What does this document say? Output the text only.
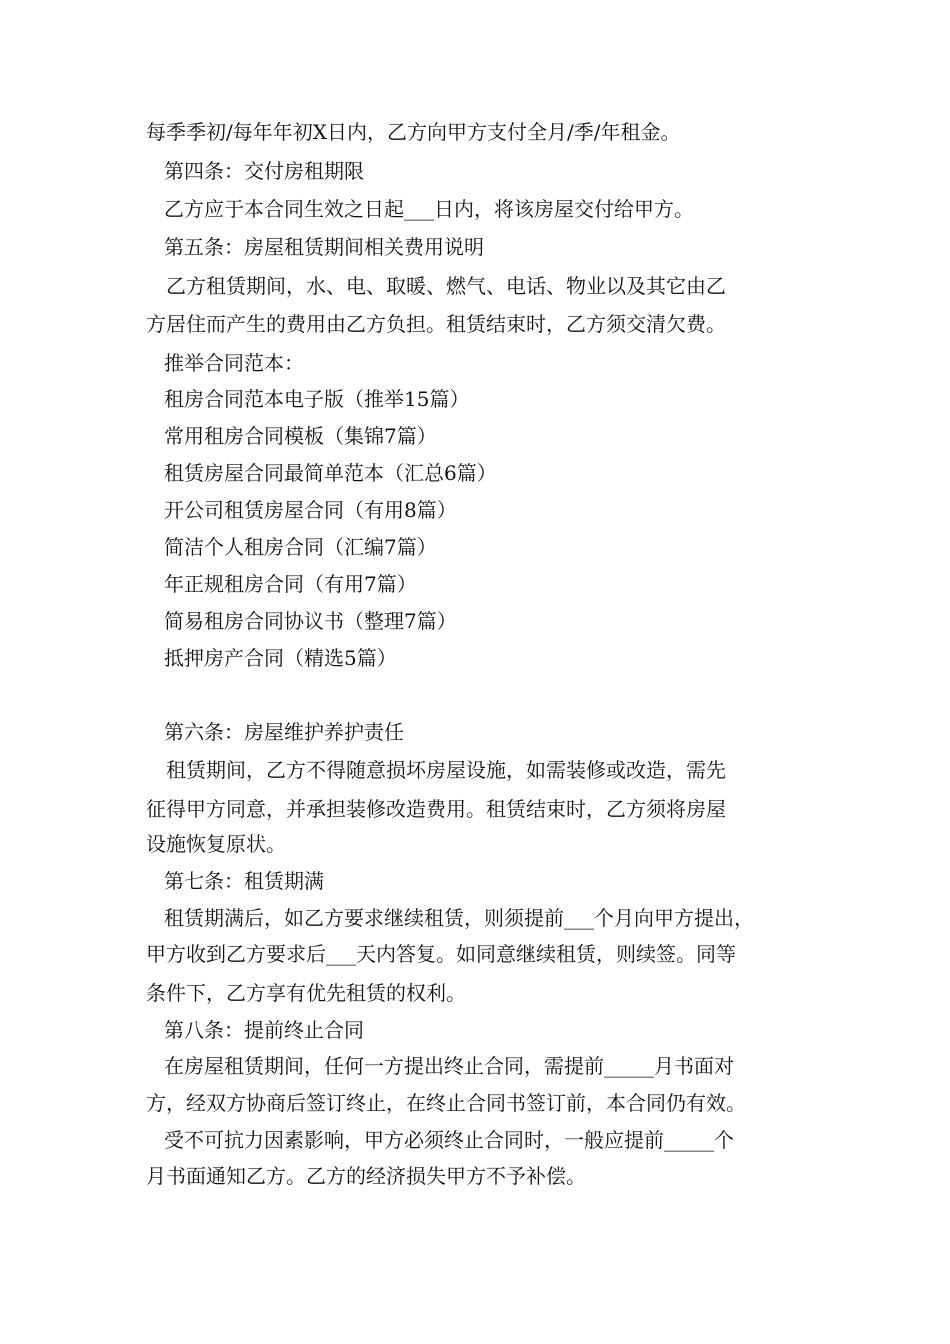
每季季初/每年年初X日内，乙方向甲方支付全月/季/年租金。
第四条：交付房租期限
乙方应于本合同生效之日起___日内，将该房屋交付给甲方。
第五条：房屋租赁期间相关费用说明
乙方租赁期间，水、电、取暖、燃气、电话、物业以及其它由乙
方居住而产生的费用由乙方负担。租赁结束时，乙方须交清欠费。
推举合同范本：
租房合同范本电子版（推举15篇）
常用租房合同模板（集锦7篇）
租赁房屋合同最简单范本（汇总6篇）
开公司租赁房屋合同（有用8篇）
简洁个人租房合同（汇编7篇）
年正规租房合同（有用7篇）
简易租房合同协议书（整理7篇）
抵押房产合同（精选5篇）
第六条：房屋维护养护责任
租赁期间，乙方不得随意损坏房屋设施，如需装修或改造，需先
征得甲方同意，并承担装修改造费用。租赁结束时，乙方须将房屋
设施恢复原状。
第七条：租赁期满
租赁期满后，如乙方要求继续租赁，则须提前___个月向甲方提出，
甲方收到乙方要求后___天内答复。如同意继续租赁，则续签。同等
条件下，乙方享有优先租赁的权利。
第八条：提前终止合同
在房屋租赁期间，任何一方提出终止合同，需提前_____月书面对
方，经双方协商后签订终止，在终止合同书签订前，本合同仍有效。
受不可抗力因素影响，甲方必须终止合同时，一般应提前_____个
月书面通知乙方。乙方的经济损失甲方不予补偿。
